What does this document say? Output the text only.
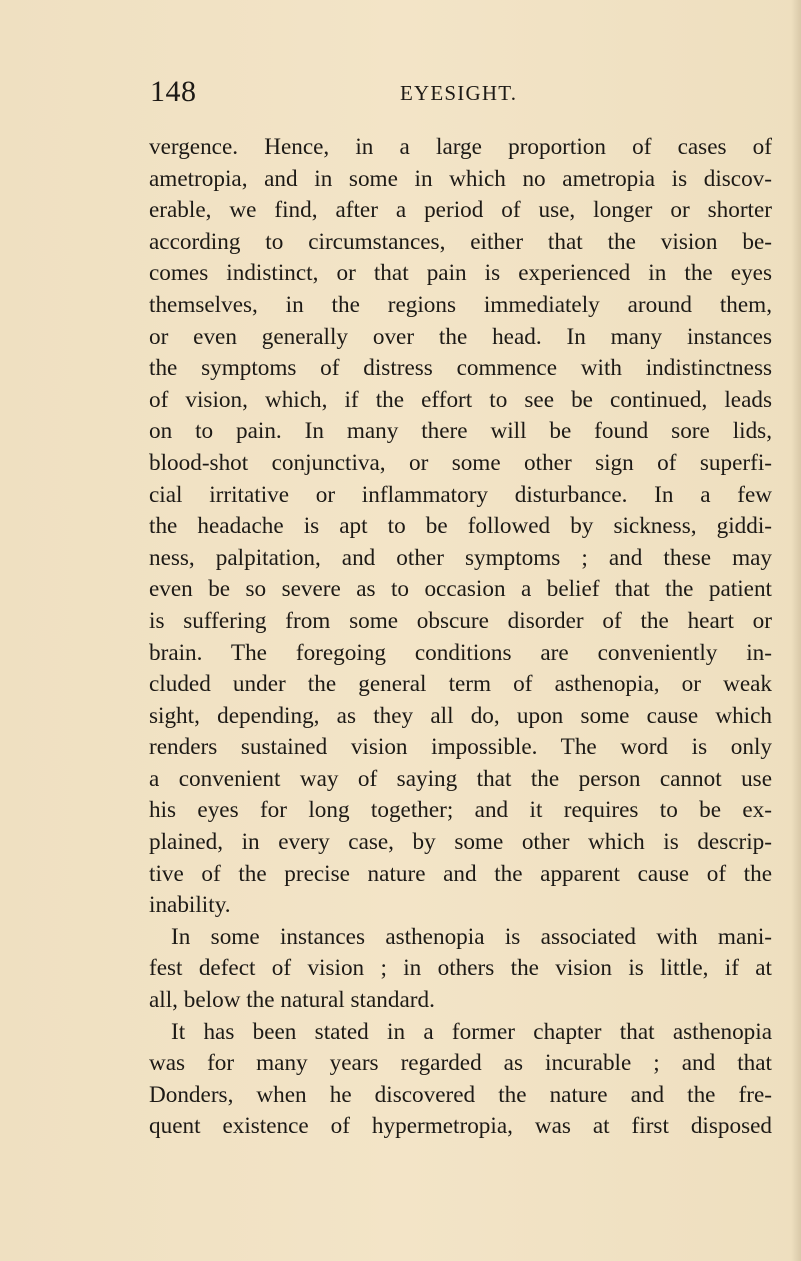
148	EYESIGHT.
vergence. Hence, in a large proportion of cases of
ametropia, and in some in which no ametropia is discov-
erable, we find, after a period of use, longer or shorter
according to circumstances, either that the vision be-
comes indistinct, or that pain is experienced in the eyes
themselves, in the regions immediately around them,
or even generally over the head. In many instances
the symptoms of distress commence with indistinctness
of vision, which, if the effort to see be continued, leads
on to pain. In many there will be found sore lids,
blood-shot conjunctiva, or some other sign of superfi-
cial irritative or inflammatory disturbance. In a few
the headache is apt to be followed by sickness, giddi-
ness, palpitation, and other symptoms ; and these may
even be so severe as to occasion a belief that the patient
is suffering from some obscure disorder of the heart or
brain. The foregoing conditions are conveniently in-
cluded under the general term of asthenopia, or weak
sight, depending, as they all do, upon some cause which
renders sustained vision impossible. The word is only
a convenient way of saying that the person cannot use
his eyes for long together; and it requires to be ex-
plained, in every case, by some other which is descrip-
tive of the precise nature and the apparent cause of the
inability.
In some instances asthenopia is associated with mani-
fest defect of vision ; in others the vision is little, if at
all, below the natural standard.
It has been stated in a former chapter that asthenopia
was for many years regarded as incurable ; and that
Donders, when he discovered the nature and the fre-
quent existence of hypermetropia, was at first disposed
